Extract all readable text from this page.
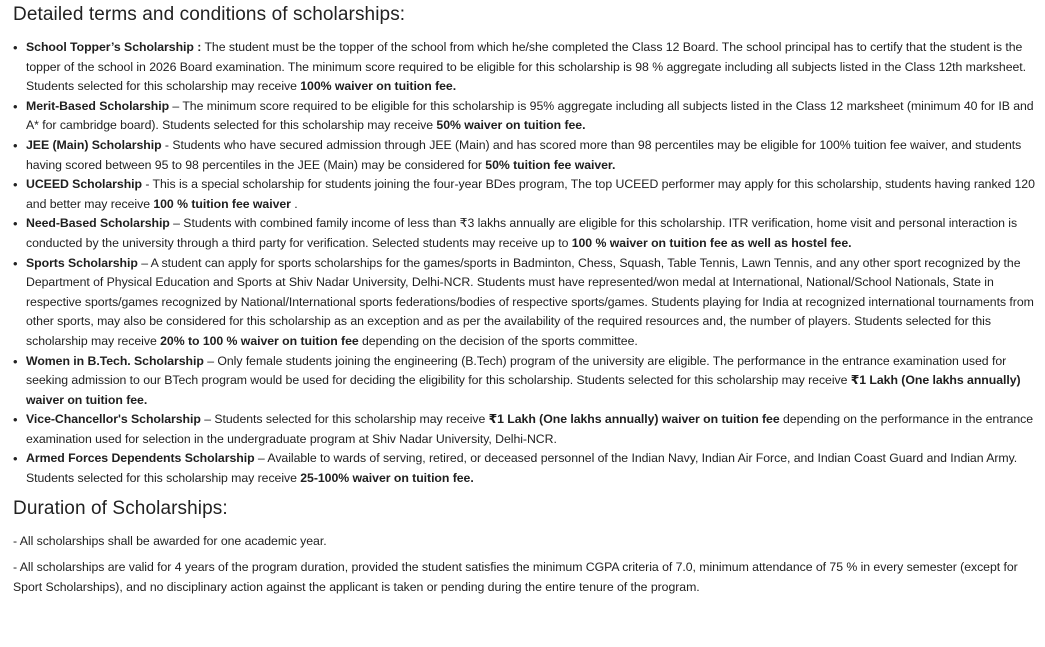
Detailed terms and conditions of scholarships:
• School Topper’s Scholarship : The student must be the topper of the school from which he/she completed the Class 12 Board. The school principal has to certify that the student is the topper of the school in 2026 Board examination. The minimum score required to be eligible for this scholarship is 98 % aggregate including all subjects listed in the Class 12th marksheet. Students selected for this scholarship may receive 100% waiver on tuition fee.
• Merit-Based Scholarship – The minimum score required to be eligible for this scholarship is 95% aggregate including all subjects listed in the Class 12 marksheet (minimum 40 for IB and A* for cambridge board). Students selected for this scholarship may receive 50% waiver on tuition fee.
• JEE (Main) Scholarship - Students who have secured admission through JEE (Main) and has scored more than 98 percentiles may be eligible for 100% tuition fee waiver, and students having scored between 95 to 98 percentiles in the JEE (Main) may be considered for 50% tuition fee waiver.
• UCEED Scholarship - This is a special scholarship for students joining the four-year BDes program, The top UCEED performer may apply for this scholarship, students having ranked 120 and better may receive 100 % tuition fee waiver .
• Need-Based Scholarship – Students with combined family income of less than ₹3 lakhs annually are eligible for this scholarship. ITR verification, home visit and personal interaction is conducted by the university through a third party for verification. Selected students may receive up to 100 % waiver on tuition fee as well as hostel fee.
• Sports Scholarship – A student can apply for sports scholarships for the games/sports in Badminton, Chess, Squash, Table Tennis, Lawn Tennis, and any other sport recognized by the Department of Physical Education and Sports at Shiv Nadar University, Delhi-NCR. Students must have represented/won medal at International, National/School Nationals, State in respective sports/games recognized by National/International sports federations/bodies of respective sports/games. Students playing for India at recognized international tournaments from other sports, may also be considered for this scholarship as an exception and as per the availability of the required resources and, the number of players. Students selected for this scholarship may receive 20% to 100 % waiver on tuition fee depending on the decision of the sports committee.
• Women in B.Tech. Scholarship – Only female students joining the engineering (B.Tech) program of the university are eligible. The performance in the entrance examination used for seeking admission to our BTech program would be used for deciding the eligibility for this scholarship. Students selected for this scholarship may receive ₹1 Lakh (One lakhs annually) waiver on tuition fee.
• Vice-Chancellor's Scholarship – Students selected for this scholarship may receive ₹1 Lakh (One lakhs annually) waiver on tuition fee depending on the performance in the entrance examination used for selection in the undergraduate program at Shiv Nadar University, Delhi-NCR.
• Armed Forces Dependents Scholarship – Available to wards of serving, retired, or deceased personnel of the Indian Navy, Indian Air Force, and Indian Coast Guard and Indian Army. Students selected for this scholarship may receive 25-100% waiver on tuition fee.
Duration of Scholarships:

- All scholarships shall be awarded for one academic year.

- All scholarships are valid for 4 years of the program duration, provided the student satisfies the minimum CGPA criteria of 7.0, minimum attendance of 75 % in every semester (except for Sport Scholarships), and no disciplinary action against the applicant is taken or pending during the entire tenure of the program.
